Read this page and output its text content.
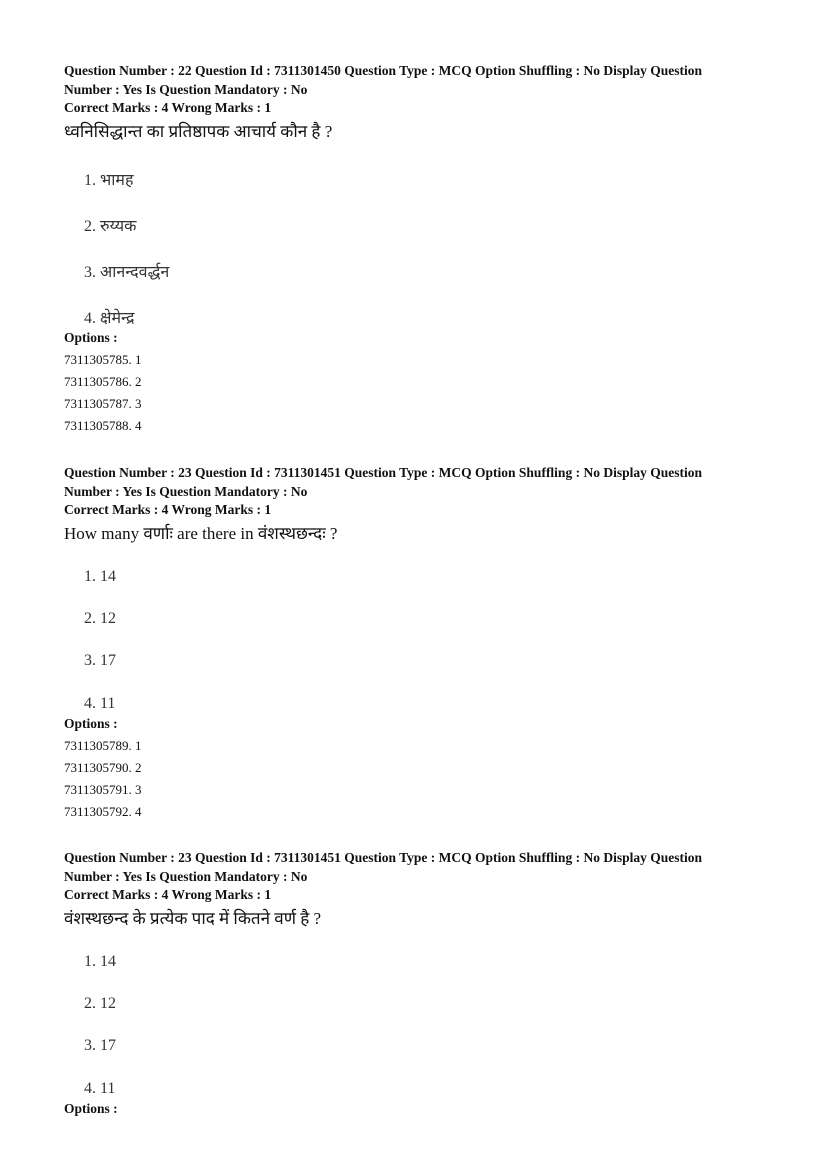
Question Number : 22 Question Id : 7311301450 Question Type : MCQ Option Shuffling : No Display Question

Number : Yes Is Question Mandatory : No

Correct Marks : 4 Wrong Marks : 1

ध्वनिसिद्धान्त का प्रतिष्ठापक आचार्य कौन है ?

1. भामह
2. रुय्यक
3. आनन्दवर्द्धन
4. क्षेमेन्द्र
Options :
7311305785. 1
7311305786. 2
7311305787. 3
7311305788. 4

Question Number : 23 Question Id : 7311301451 Question Type : MCQ Option Shuffling : No Display Question

Number : Yes Is Question Mandatory : No

Correct Marks : 4 Wrong Marks : 1

How many वर्णाः are there in वंशस्थछन्दः ?

1. 14
2. 12
3. 17
4. 11
Options :
7311305789. 1
7311305790. 2
7311305791. 3
7311305792. 4

Question Number : 23 Question Id : 7311301451 Question Type : MCQ Option Shuffling : No Display Question

Number : Yes Is Question Mandatory : No

Correct Marks : 4 Wrong Marks : 1

वंशस्थछन्द के प्रत्येक पाद में कितने वर्ण है ?

1. 14
2. 12
3. 17
4. 11
Options :
